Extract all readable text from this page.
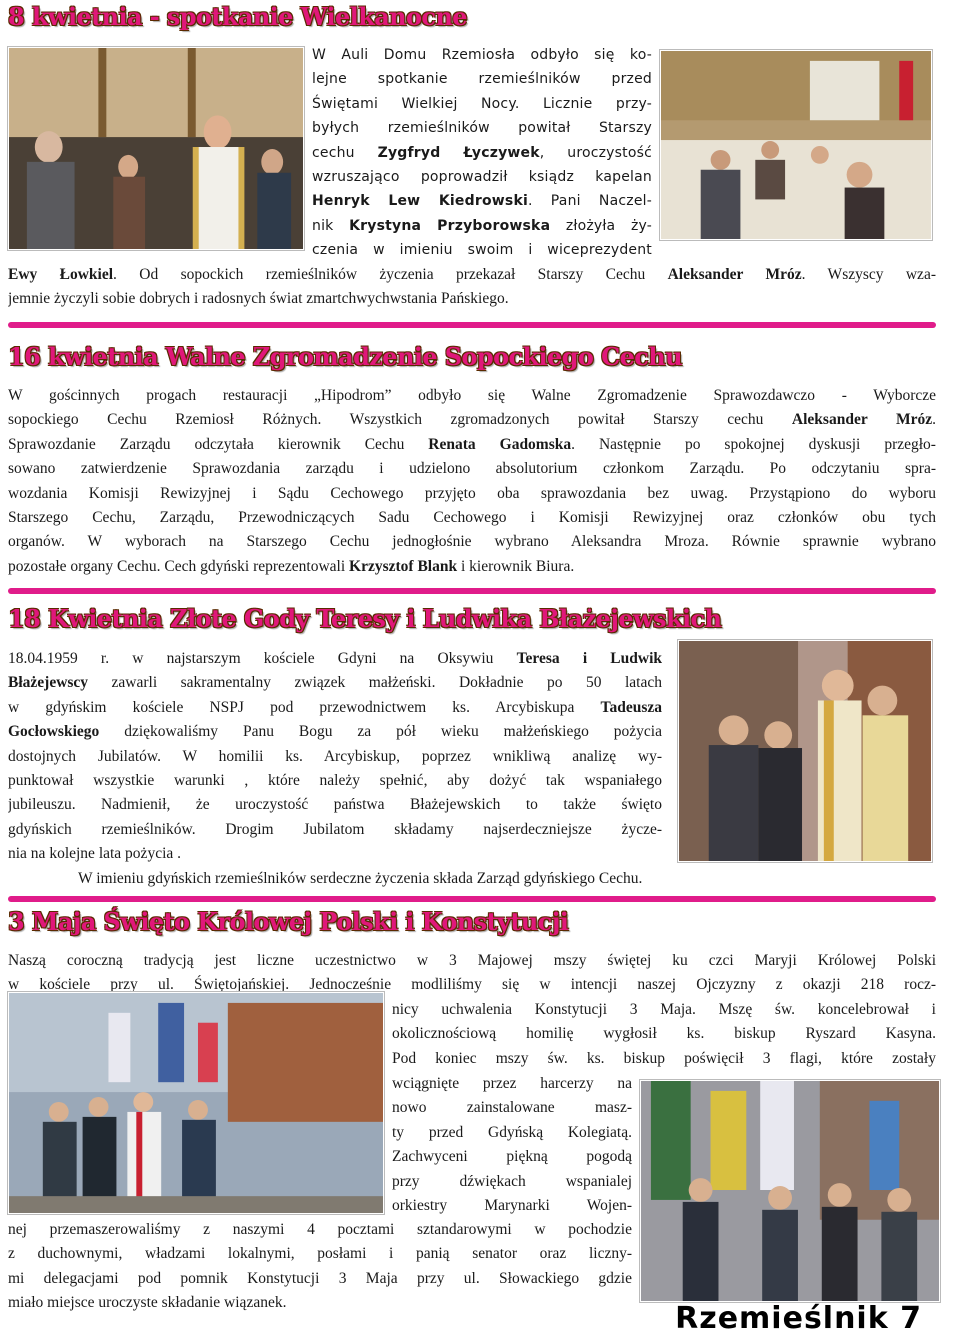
8 kwietnia - spotkanie Wielkanocne
W Auli Domu Rzemiosła odbyło się ko-
lejne spotkanie rzemieślników przed
Świętami Wielkiej Nocy. Licznie przy-
byłych rzemieślników powitał Starszy
cechu Zygfryd Łyczywek, uroczystość
wzruszająco poprowadził ksiądz kapelan
Henryk Lew Kiedrowski. Pani Naczel-
nik Krystyna Przyborowska złożyła ży-
czenia w imieniu swoim i wiceprezydent
Ewy Łowkiel. Od sopockich rzemieślników życzenia przekazał Starszy Cechu Aleksander Mróz. Wszyscy wza-
jemnie życzyli sobie dobrych i radosnych świat zmartchwychwstania Pańskiego.
16 kwietnia Walne Zgromadzenie Sopockiego Cechu
W gościnnych progach restauracji „Hipodrom” odbyło się Walne Zgromadzenie Sprawozdawczo - Wyborcze
sopockiego Cechu Rzemiosł Różnych. Wszystkich zgromadzonych powitał Starszy cechu Aleksander Mróz.
Sprawozdanie Zarządu odczytała kierownik Cechu Renata Gadomska. Następnie po spokojnej dyskusji przegło-
sowano zatwierdzenie Sprawozdania zarządu i udzielono absolutorium członkom Zarządu. Po odczytaniu spra-
wozdania Komisji Rewizyjnej i Sądu Cechowego przyjęto oba sprawozdania bez uwag. Przystąpiono do wyboru
Starszego Cechu, Zarządu, Przewodniczących Sadu Cechowego i Komisji Rewizyjnej oraz członków obu tych
organów. W wyborach na Starszego Cechu jednogłośnie wybrano Aleksandra Mroza. Równie sprawnie wybrano
pozostałe organy Cechu. Cech gdyński reprezentowali Krzysztof Blank i kierownik Biura.
18 Kwietnia Złote Gody Teresy i Ludwika Błażejewskich
18.04.1959 r. w najstarszym kościele Gdyni na Oksywiu Teresa i Ludwik
Błażejewscy zawarli sakramentalny związek małżeński. Dokładnie po 50 latach
w gdyńskim kościele NSPJ pod przewodnictwem ks. Arcybiskupa Tadeusza
Gocłowskiego dziękowaliśmy Panu Bogu za pół wieku małżeńskiego pożycia
dostojnych Jubilatów. W homilii ks. Arcybiskup, poprzez wnikliwą analizę wy-
punktował wszystkie warunki , które należy spełnić, aby dożyć tak wspaniałego
jubileuszu. Nadmienił, że uroczystość państwa Błażejewskich to także święto
gdyńskich rzemieślników. Drogim Jubilatom składamy najserdeczniejsze życze-
nia na kolejne lata pożycia .
W imieniu gdyńskich rzemieślników serdeczne życzenia składa Zarząd gdyńskiego Cechu.
3 Maja Święto Królowej Polski i Konstytucji
Naszą coroczną tradycją jest liczne uczestnictwo w 3 Majowej mszy świętej ku czci Maryji Królowej Polski
w kościele przy ul. Świętojańskiej. Jednocześnie modliliśmy się w intencji naszej Ojczyzny z okazji 218 rocz-
nicy uchwalenia Konstytucji 3 Maja. Mszę św. koncelebrował i
okolicznościową homilię wygłosił ks. biskup Ryszard Kasyna.
Pod koniec mszy św. ks. biskup poświęcił 3 flagi, które zostały
wciągnięte przez harcerzy na
nowo zainstalowane masz-
ty przed Gdyńską Kolegiatą.
Zachwyceni piękną pogodą
przy dźwiękach wspanialej
orkiestry Marynarki Wojen-
nej przemaszerowaliśmy z naszymi 4 pocztami sztandarowymi w pochodzie
z duchownymi, władzami lokalnymi, posłami i panią senator oraz liczny-
mi delegacjami pod pomnik Konstytucji 3 Maja przy ul. Słowackiego gdzie
miało miejsce uroczyste składanie wiązanek.	Rzemieślnik 7
